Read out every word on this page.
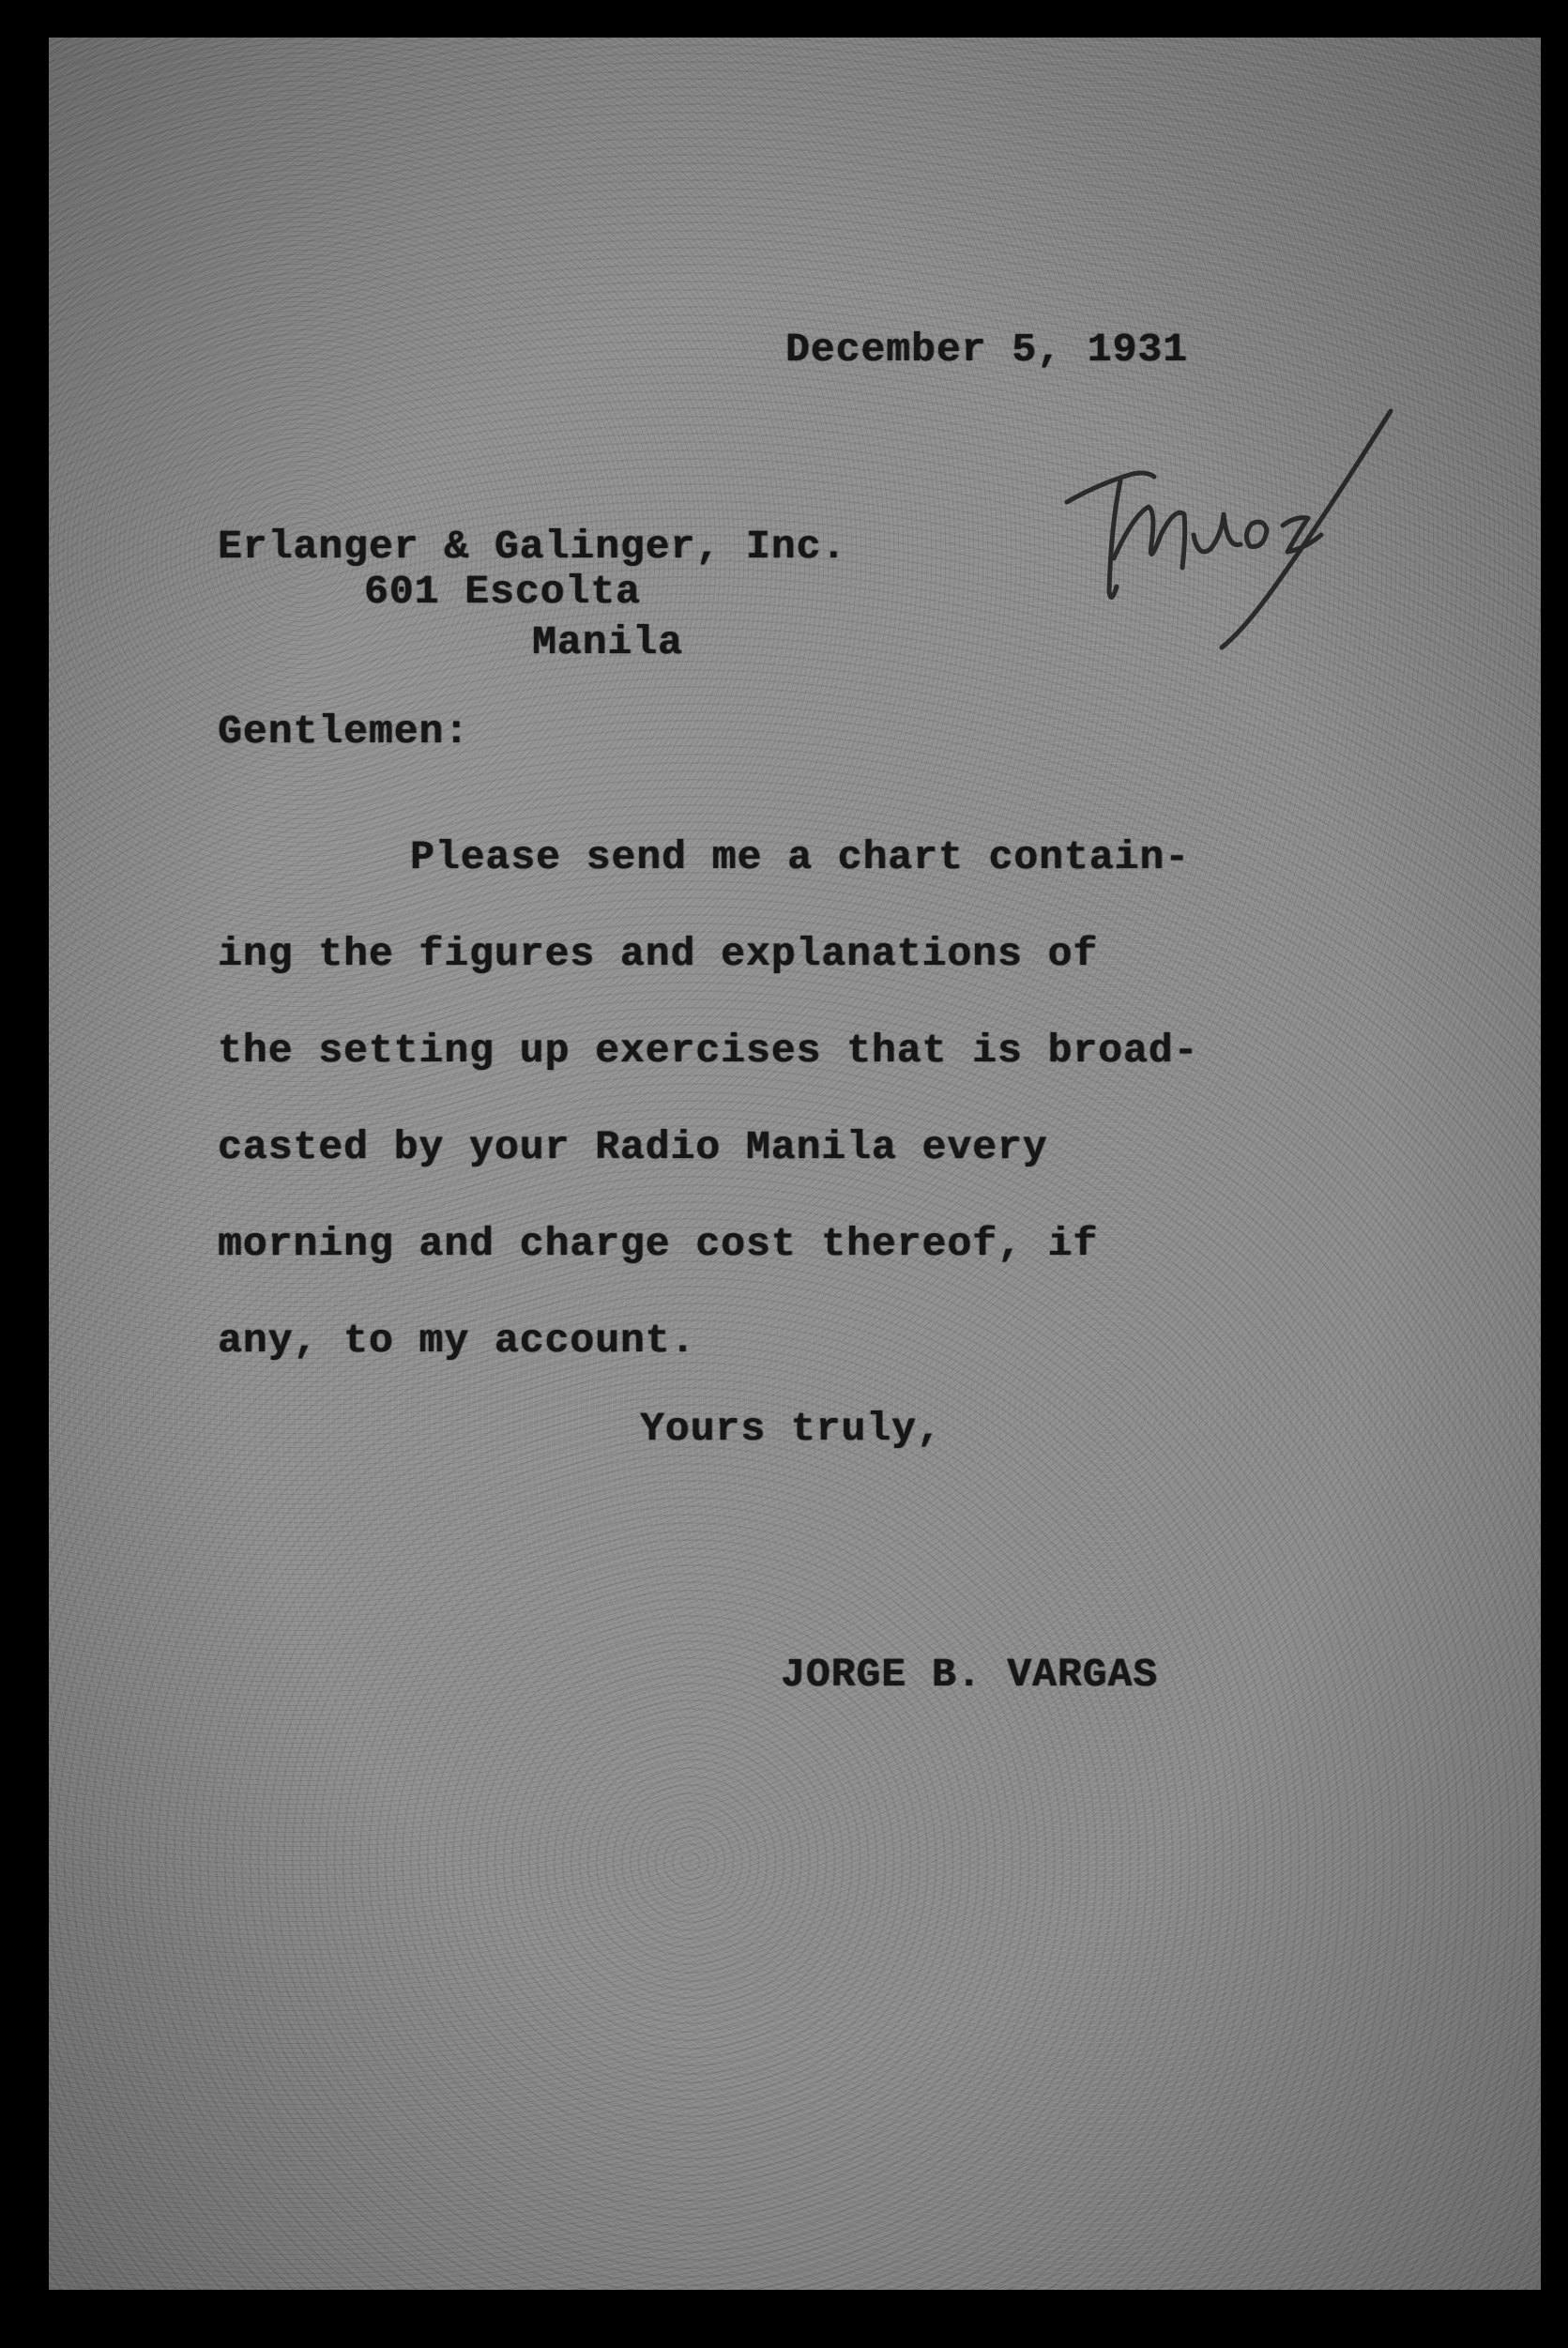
December 5, 1931
Erlanger & Galinger, Inc.
601 Escolta
Manila
Gentlemen:
Please send me a chart contain-
ing the figures and explanations of
the setting up exercises that is broad-
casted by your Radio Manila every
morning and charge cost thereof, if
any, to my account.
Yours truly,
JORGE B. VARGAS
